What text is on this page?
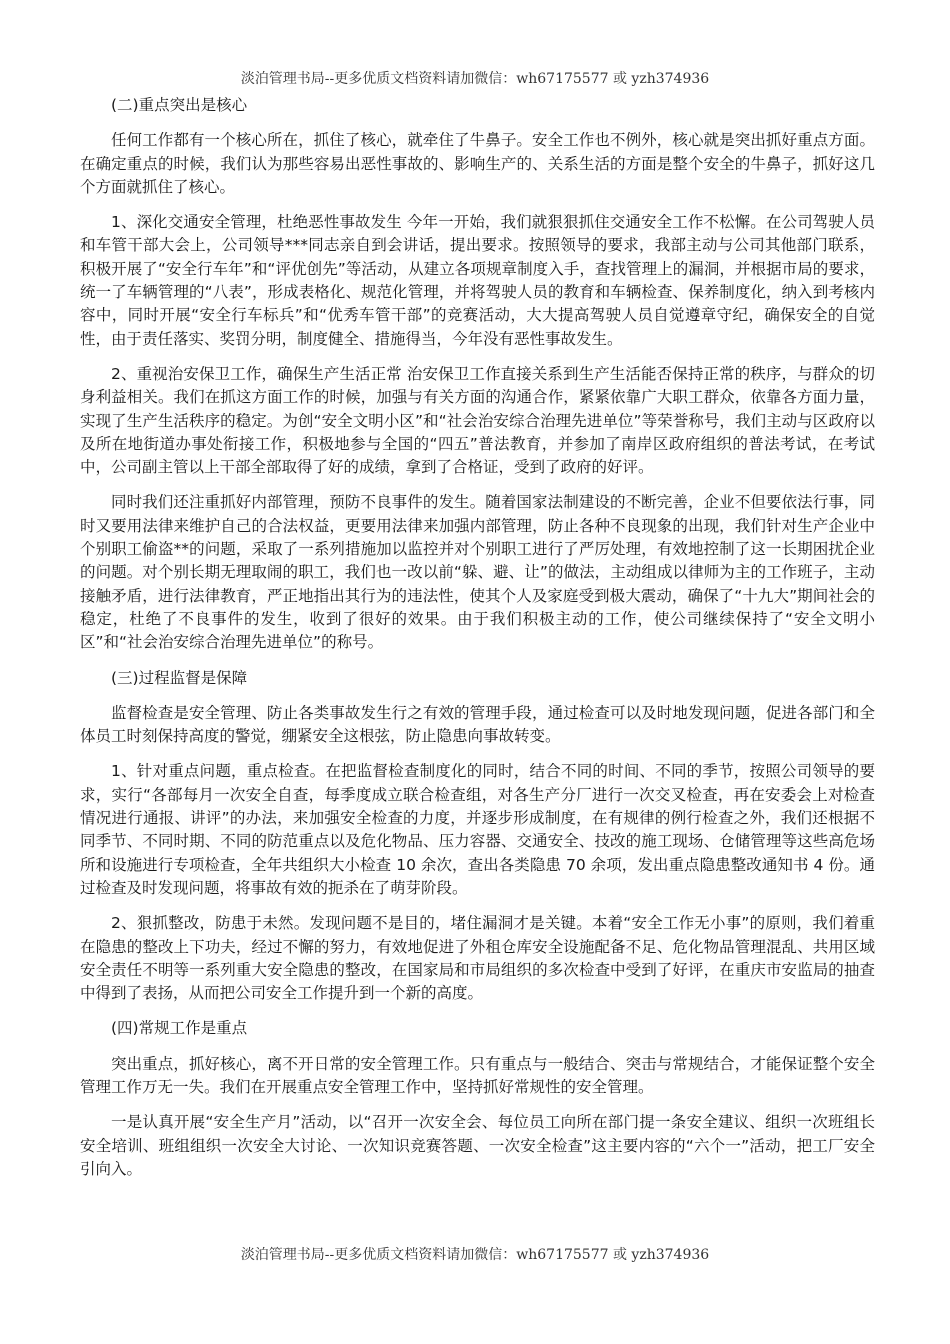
淡泊管理书局--更多优质文档资料请加微信：wh67175577 或 yzh374936

(二)重点突出是核心

任何工作都有一个核心所在，抓住了核心，就牵住了牛鼻子。安全工作也不例外，核心就是突出抓好重点方面。在确定重点的时候，我们认为那些容易出恶性事故的、影响生产的、关系生活的方面是整个安全的牛鼻子，抓好这几个方面就抓住了核心。

1、深化交通安全管理，杜绝恶性事故发生 今年一开始，我们就狠狠抓住交通安全工作不松懈。在公司驾驶人员和车管干部大会上，公司领导***同志亲自到会讲话，提出要求。按照领导的要求，我部主动与公司其他部门联系，积极开展了“安全行车年”和“评优创先”等活动，从建立各项规章制度入手，查找管理上的漏洞，并根据市局的要求，统一了车辆管理的“八表”，形成表格化、规范化管理，并将驾驶人员的教育和车辆检查、保养制度化，纳入到考核内容中，同时开展“安全行车标兵”和“优秀车管干部”的竞赛活动，大大提高驾驶人员自觉遵章守纪，确保安全的自觉性，由于责任落实、奖罚分明，制度健全、措施得当，今年没有恶性事故发生。

2、重视治安保卫工作，确保生产生活正常 治安保卫工作直接关系到生产生活能否保持正常的秩序，与群众的切身利益相关。我们在抓这方面工作的时候，加强与有关方面的沟通合作，紧紧依靠广大职工群众，依靠各方面力量，实现了生产生活秩序的稳定。为创“安全文明小区”和“社会治安综合治理先进单位”等荣誉称号，我们主动与区政府以及所在地街道办事处衔接工作，积极地参与全国的“四五”普法教育，并参加了南岸区政府组织的普法考试，在考试中，公司副主管以上干部全部取得了好的成绩，拿到了合格证，受到了政府的好评。

同时我们还注重抓好内部管理，预防不良事件的发生。随着国家法制建设的不断完善，企业不但要依法行事，同时又要用法律来维护自己的合法权益，更要用法律来加强内部管理，防止各种不良现象的出现，我们针对生产企业中个别职工偷盗**的问题，采取了一系列措施加以监控并对个别职工进行了严厉处理，有效地控制了这一长期困扰企业的问题。对个别长期无理取闹的职工，我们也一改以前“躲、避、让”的做法，主动组成以律师为主的工作班子，主动接触矛盾，进行法律教育，严正地指出其行为的违法性，使其个人及家庭受到极大震动，确保了“十九大”期间社会的稳定，杜绝了不良事件的发生，收到了很好的效果。由于我们积极主动的工作，使公司继续保持了“安全文明小区”和“社会治安综合治理先进单位”的称号。

(三)过程监督是保障

监督检查是安全管理、防止各类事故发生行之有效的管理手段，通过检查可以及时地发现问题，促进各部门和全体员工时刻保持高度的警觉，绷紧安全这根弦，防止隐患向事故转变。

1、针对重点问题，重点检查。在把监督检查制度化的同时，结合不同的时间、不同的季节，按照公司领导的要求，实行“各部每月一次安全自查，每季度成立联合检查组，对各生产分厂进行一次交叉检查，再在安委会上对检查情况进行通报、讲评”的办法，来加强安全检查的力度，并逐步形成制度，在有规律的例行检查之外，我们还根据不同季节、不同时期、不同的防范重点以及危化物品、压力容器、交通安全、技改的施工现场、仓储管理等这些高危场所和设施进行专项检查，全年共组织大小检查 10 余次，查出各类隐患 70 余项，发出重点隐患整改通知书 4 份。通过检查及时发现问题，将事故有效的扼杀在了萌芽阶段。

2、狠抓整改，防患于未然。发现问题不是目的，堵住漏洞才是关键。本着“安全工作无小事”的原则，我们着重在隐患的整改上下功夫，经过不懈的努力，有效地促进了外租仓库安全设施配备不足、危化物品管理混乱、共用区域安全责任不明等一系列重大安全隐患的整改，在国家局和市局组织的多次检查中受到了好评，在重庆市安监局的抽查中得到了表扬，从而把公司安全工作提升到一个新的高度。

(四)常规工作是重点

突出重点，抓好核心，离不开日常的安全管理工作。只有重点与一般结合、突击与常规结合，才能保证整个安全管理工作万无一失。我们在开展重点安全管理工作中，坚持抓好常规性的安全管理。

一是认真开展“安全生产月”活动，以“召开一次安全会、每位员工向所在部门提一条安全建议、组织一次班组长安全培训、班组组织一次安全大讨论、一次知识竞赛答题、一次安全检查”这主要内容的“六个一”活动，把工厂安全引向入。

淡泊管理书局--更多优质文档资料请加微信：wh67175577 或 yzh374936
